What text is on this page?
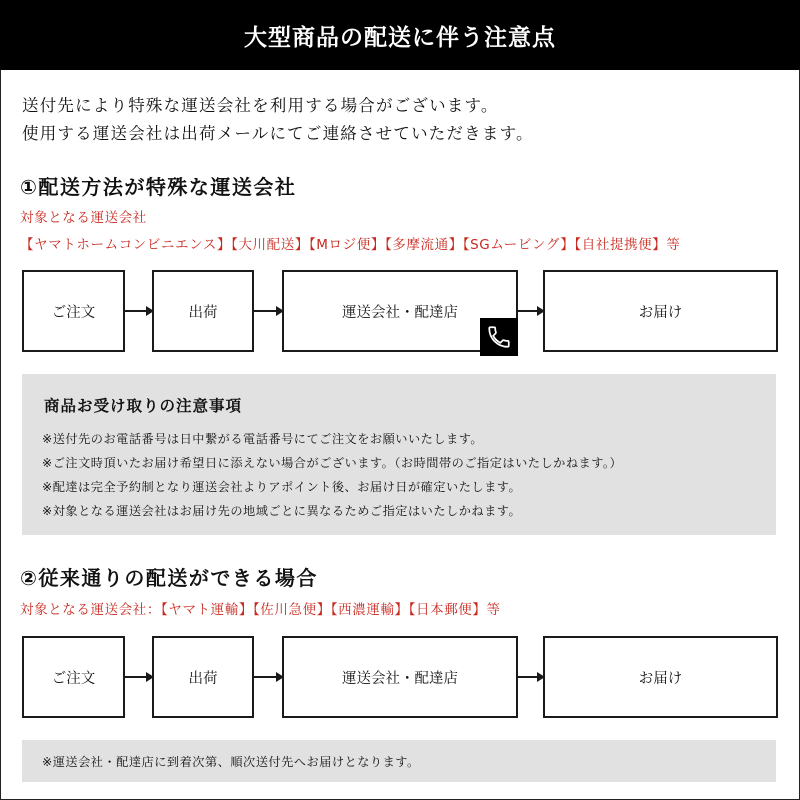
大型商品の配送に伴う注意点
送付先により特殊な運送会社を利用する場合がございます。
使用する運送会社は出荷メールにてご連絡させていただきます。
①配送方法が特殊な運送会社
対象となる運送会社
【ヤマトホームコンビニエンス】【大川配送】【Mロジ便】【多摩流通】【SGムービング】【自社提携便】等
ご注文	出荷	運送会社・配達店	お届け
商品お受け取りの注意事項
※送付先のお電話番号は日中繋がる電話番号にてご注文をお願いいたします。
※ご注文時頂いたお届け希望日に添えない場合がございます。（お時間帯のご指定はいたしかねます。）
※配達は完全予約制となり運送会社よりアポイント後、お届け日が確定いたします。
※対象となる運送会社はお届け先の地域ごとに異なるためご指定はいたしかねます。
②従来通りの配送ができる場合
対象となる運送会社：【ヤマト運輸】【佐川急便】【西濃運輸】【日本郵便】等
ご注文	出荷	運送会社・配達店	お届け
※運送会社・配達店に到着次第、順次送付先へお届けとなります。
